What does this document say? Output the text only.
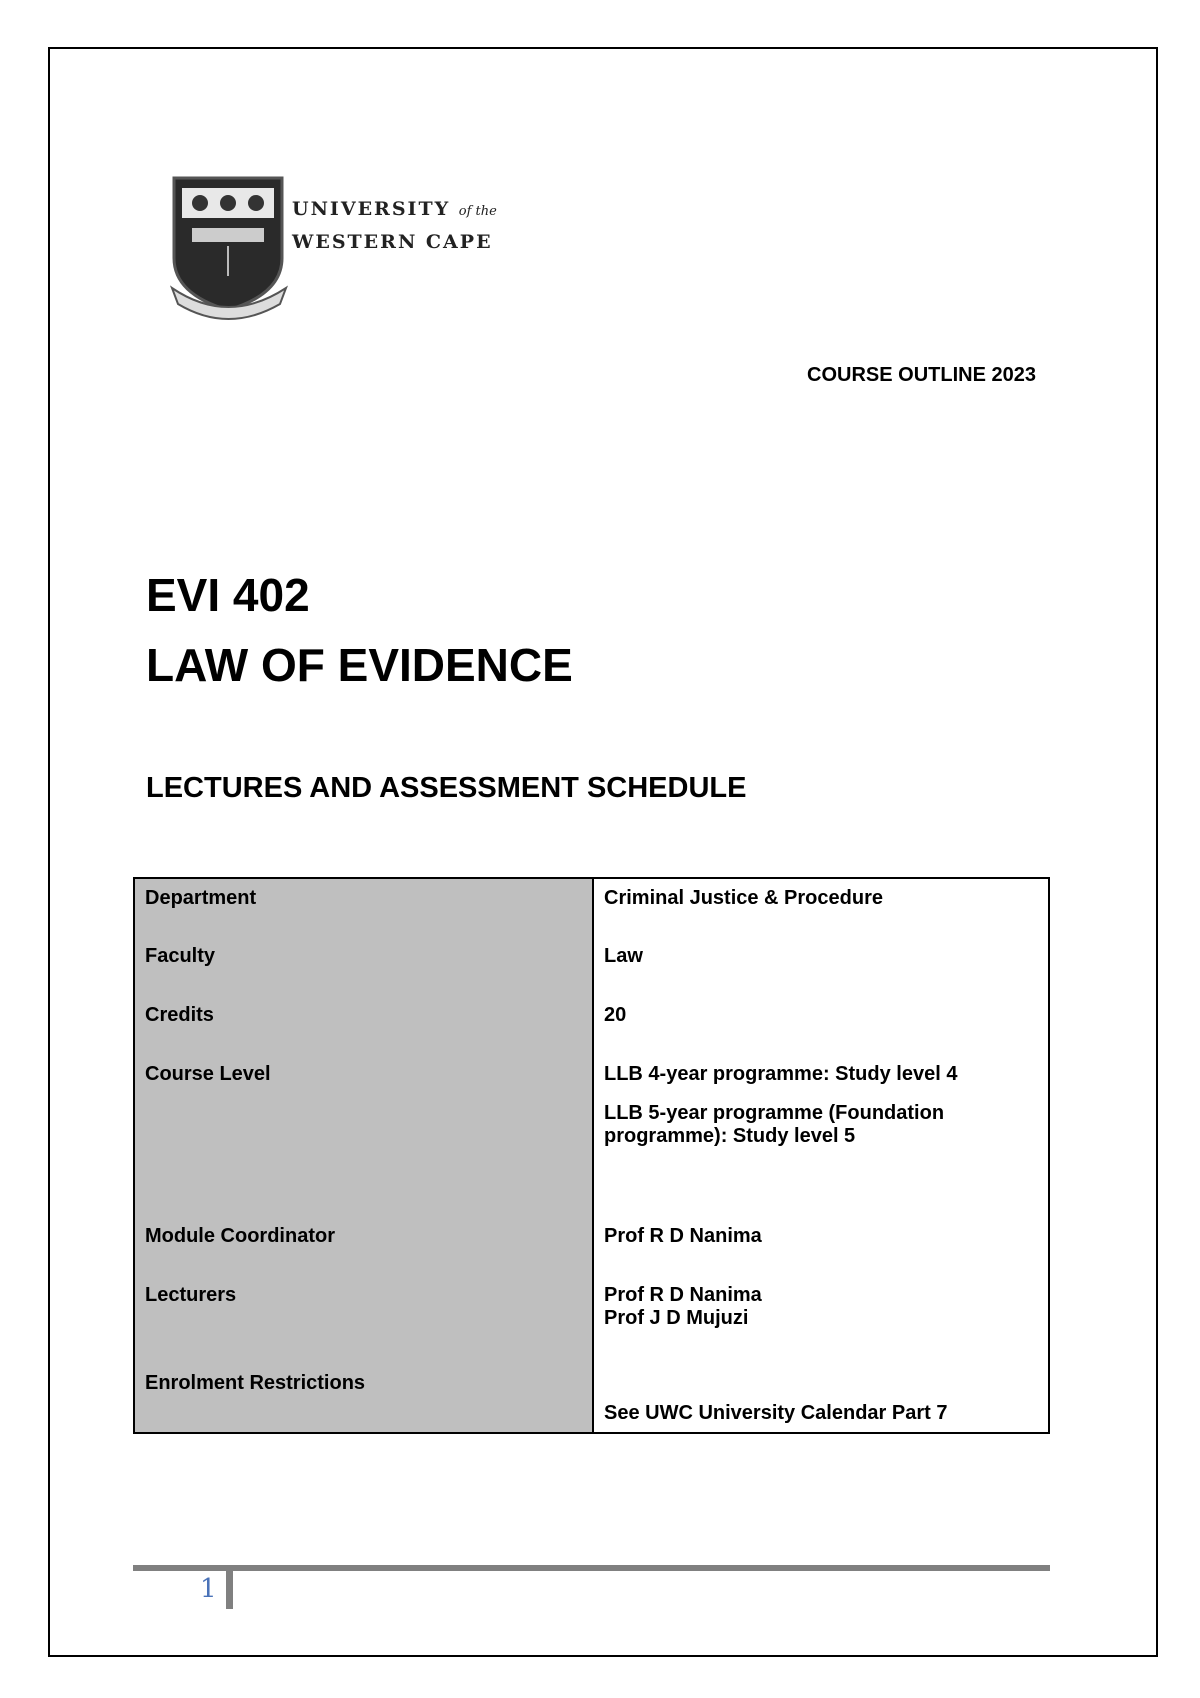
UNIVERSITY of the
WESTERN CAPE
COURSE OUTLINE 2023
EVI 402
LAW OF EVIDENCE
LECTURES AND ASSESSMENT SCHEDULE
Department	Criminal Justice & Procedure
Faculty	Law
Credits	20
Course Level	LLB 4-year programme: Study level 4
LLB 5-year programme (Foundation
programme): Study level 5

Module Coordinator	Prof R D Nanima
Lecturers	Prof R D Nanima
Prof J D Mujuzi

Enrolment Restrictions	See UWC University Calendar Part 7
1
